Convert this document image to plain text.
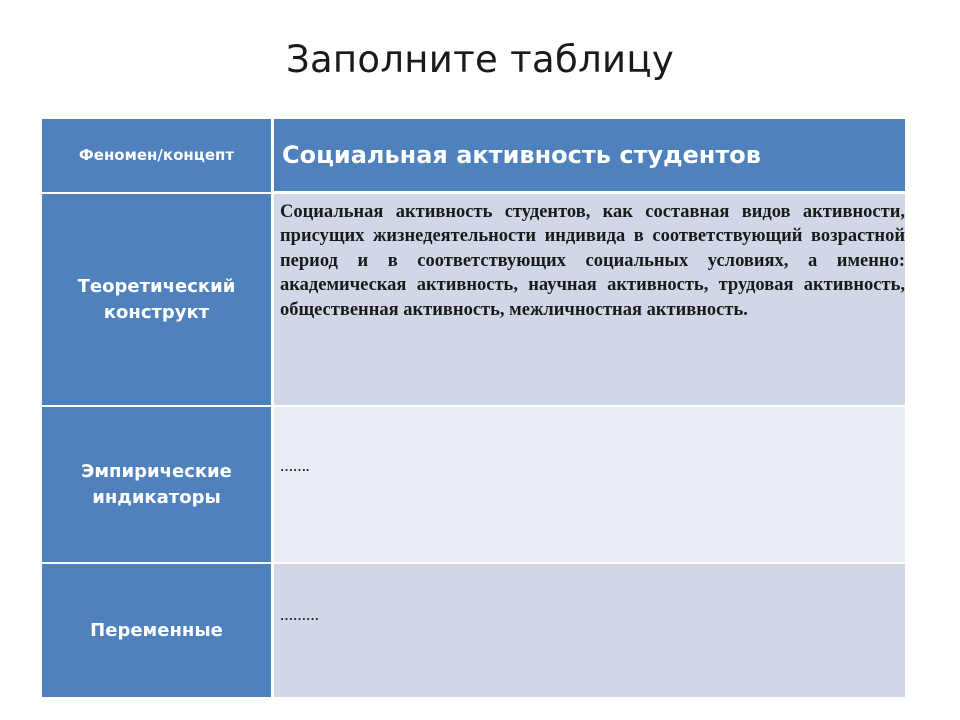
Заполните таблицу
Феномен/концепт Социальная активность студентов
Теоретический конструкт
Социальная активность студентов, как составная видов активности, присущих жизнедеятельности индивида в соответствующий возрастной период и в соответствующих социальных условиях, а именно: академическая активность, научная активность, трудовая активность, общественная активность, межличностная активность.
Эмпирические индикаторы
…….
Переменные
………
